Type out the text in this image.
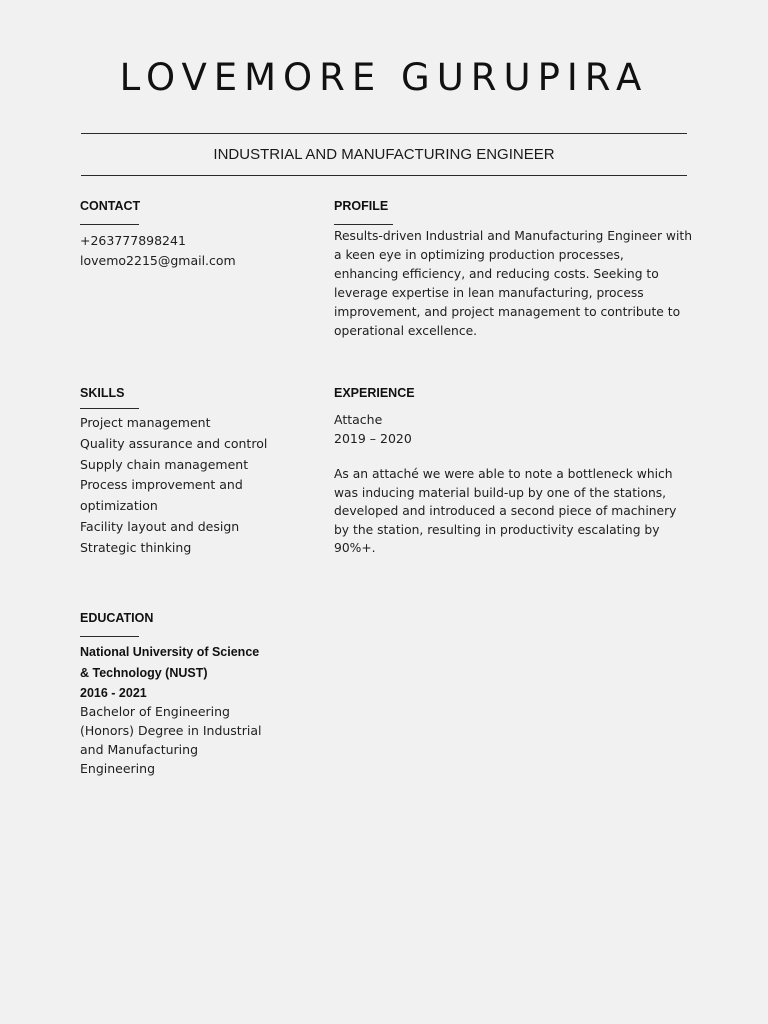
LOVEMORE GURUPIRA
INDUSTRIAL AND MANUFACTURING ENGINEER
CONTACT
+263777898241
lovemo2215@gmail.com
PROFILE
Results-driven Industrial and Manufacturing Engineer with
a keen eye in optimizing production processes,
enhancing efficiency, and reducing costs. Seeking to
leverage expertise in lean manufacturing, process
improvement, and project management to contribute to
operational excellence.
SKILLS
Project management
Quality assurance and control
Supply chain management
Process improvement and
optimization
Facility layout and design
Strategic thinking
EXPERIENCE
Attache
2019 – 2020
As an attaché we were able to note a bottleneck which
was inducing material build-up by one of the stations,
developed and introduced a second piece of machinery
by the station, resulting in productivity escalating by
90%+.
EDUCATION
National University of Science
& Technology (NUST)
2016 - 2021
Bachelor of Engineering
(Honors) Degree in Industrial
and Manufacturing
Engineering
